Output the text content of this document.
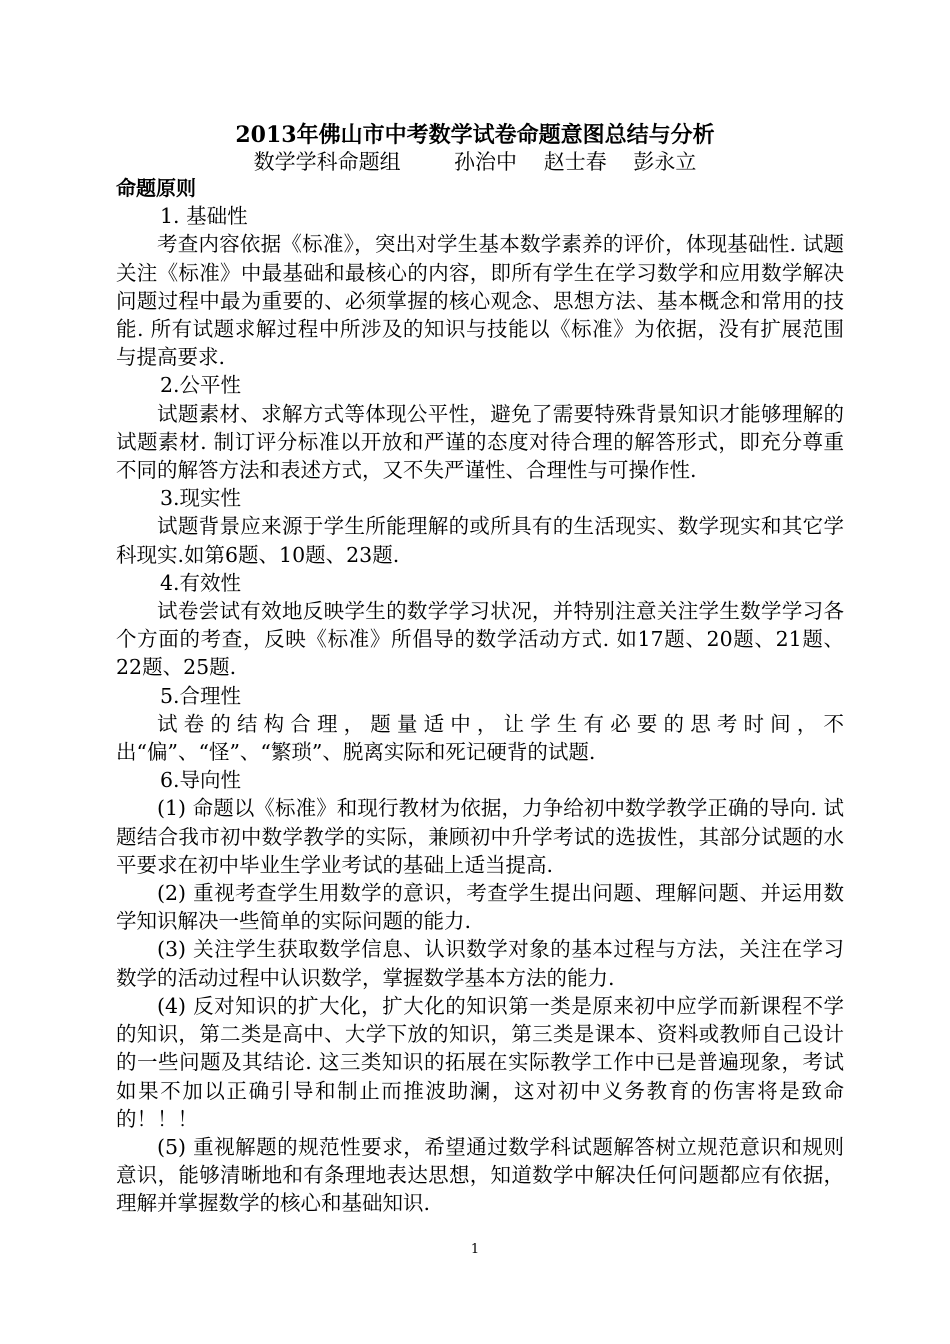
2013年佛山市中考数学试卷命题意图总结与分析
数学学科命题组        孙治中    赵士春    彭永立

命题原则

1. 基础性

考查内容依据《标准》，突出对学生基本数学素养的评价，体现基础性. 试题关注《标准》中最基础和最核心的内容，即所有学生在学习数学和应用数学解决问题过程中最为重要的、必须掌握的核心观念、思想方法、基本概念和常用的技能. 所有试题求解过程中所涉及的知识与技能以《标准》为依据，没有扩展范围与提高要求.

2.公平性

试题素材、求解方式等体现公平性，避免了需要特殊背景知识才能够理解的试题素材. 制订评分标准以开放和严谨的态度对待合理的解答形式，即充分尊重不同的解答方法和表述方式，又不失严谨性、合理性与可操作性.

3.现实性

试题背景应来源于学生所能理解的或所具有的生活现实、数学现实和其它学科现实.如第6题、10题、23题.

4.有效性

试卷尝试有效地反映学生的数学学习状况，并特别注意关注学生数学学习各个方面的考查，反映《标准》所倡导的数学活动方式. 如17题、20题、21题、22题、25题.

5.合理性

试卷的结构合理，题量适中，让学生有必要的思考时间，不出“偏”、“怪”、“繁琐”、脱离实际和死记硬背的试题.

6.导向性

(1) 命题以《标准》和现行教材为依据，力争给初中数学教学正确的导向. 试题结合我市初中数学教学的实际，兼顾初中升学考试的选拔性，其部分试题的水平要求在初中毕业生学业考试的基础上适当提高.

(2) 重视考查学生用数学的意识，考查学生提出问题、理解问题、并运用数学知识解决一些简单的实际问题的能力.

(3) 关注学生获取数学信息、认识数学对象的基本过程与方法，关注在学习数学的活动过程中认识数学，掌握数学基本方法的能力.

(4) 反对知识的扩大化，扩大化的知识第一类是原来初中应学而新课程不学的知识，第二类是高中、大学下放的知识，第三类是课本、资料或教师自己设计的一些问题及其结论. 这三类知识的拓展在实际教学工作中已是普遍现象，考试如果不加以正确引导和制止而推波助澜，这对初中义务教育的伤害将是致命的！！！

(5) 重视解题的规范性要求，希望通过数学科试题解答树立规范意识和规则意识，能够清晰地和有条理地表达思想，知道数学中解决任何问题都应有依据，理解并掌握数学的核心和基础知识.

1
